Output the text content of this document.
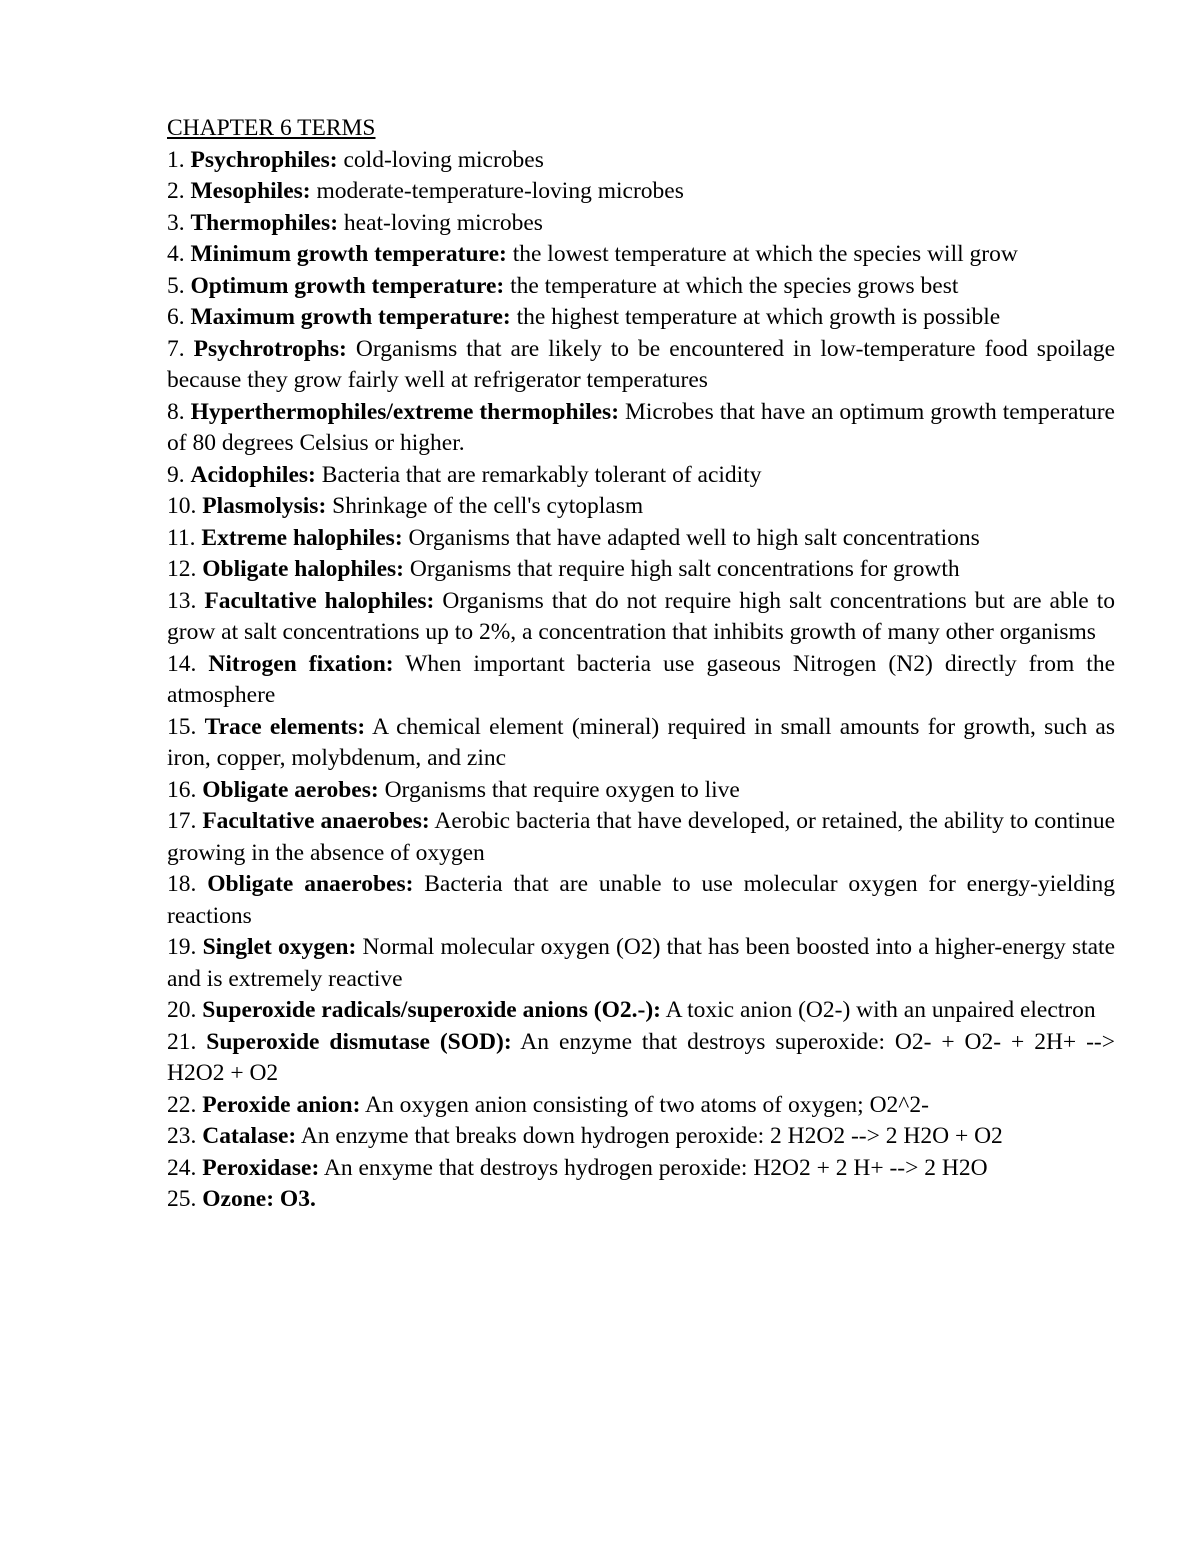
CHAPTER 6 TERMS

1. Psychrophiles: cold-loving microbes

2. Mesophiles: moderate-temperature-loving microbes

3. Thermophiles: heat-loving microbes

4. Minimum growth temperature: the lowest temperature at which the species will grow

5. Optimum growth temperature: the temperature at which the species grows best

6. Maximum growth temperature: the highest temperature at which growth is possible

7. Psychrotrophs: Organisms that are likely to be encountered in low-temperature food spoilage because they grow fairly well at refrigerator temperatures

8. Hyperthermophiles/extreme thermophiles: Microbes that have an optimum growth temperature of 80 degrees Celsius or higher.

9. Acidophiles: Bacteria that are remarkably tolerant of acidity

10. Plasmolysis: Shrinkage of the cell's cytoplasm

11. Extreme halophiles: Organisms that have adapted well to high salt concentrations

12. Obligate halophiles: Organisms that require high salt concentrations for growth

13. Facultative halophiles: Organisms that do not require high salt concentrations but are able to grow at salt concentrations up to 2%, a concentration that inhibits growth of many other organisms

14. Nitrogen fixation: When important bacteria use gaseous Nitrogen (N2) directly from the atmosphere

15. Trace elements: A chemical element (mineral) required in small amounts for growth, such as iron, copper, molybdenum, and zinc

16. Obligate aerobes: Organisms that require oxygen to live

17. Facultative anaerobes: Aerobic bacteria that have developed, or retained, the ability to continue growing in the absence of oxygen

18. Obligate anaerobes: Bacteria that are unable to use molecular oxygen for energy-yielding reactions

19. Singlet oxygen: Normal molecular oxygen (O2) that has been boosted into a higher-energy state and is extremely reactive

20. Superoxide radicals/superoxide anions (O2.-): A toxic anion (O2-) with an unpaired electron

21. Superoxide dismutase (SOD): An enzyme that destroys superoxide: O2- + O2- + 2H+ --> H2O2 + O2

22. Peroxide anion: An oxygen anion consisting of two atoms of oxygen; O2^2-

23. Catalase: An enzyme that breaks down hydrogen peroxide: 2 H2O2 --> 2 H2O + O2

24. Peroxidase: An enxyme that destroys hydrogen peroxide: H2O2 + 2 H+ --> 2 H2O

25. Ozone: O3.
